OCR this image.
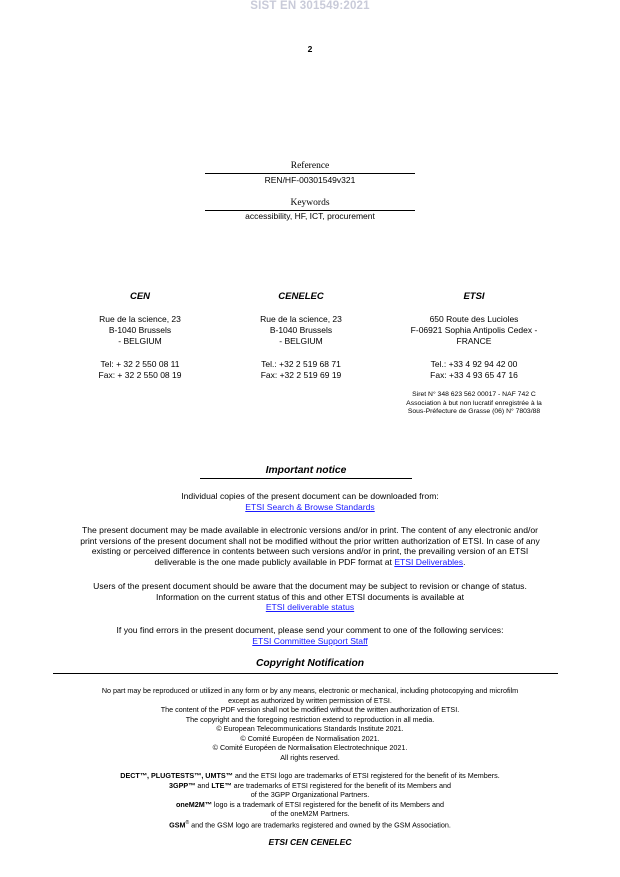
SIST EN 301549:2021
2
Reference
REN/HF-00301549v321
Keywords
accessibility, HF, ICT, procurement
CEN
Rue de la science, 23
B-1040 Brussels
- BELGIUM
Tel: + 32 2 550 08 11
Fax: + 32 2 550 08 19
CENELEC
Rue de la science, 23
B-1040 Brussels
- BELGIUM
Tel.: +32 2 519 68 71
Fax: +32 2 519 69 19
ETSI
650 Route des Lucioles
F-06921 Sophia Antipolis Cedex -
FRANCE
Tel.: +33 4 92 94 42 00
Fax: +33 4 93 65 47 16
Siret N° 348 623 562 00017 - NAF 742 C
Association à but non lucratif enregistrée à la
Sous-Préfecture de Grasse (06) N° 7803/88
Important notice
Individual copies of the present document can be downloaded from:
ETSI Search & Browse Standards
The present document may be made available in electronic versions and/or in print. The content of any electronic and/or
print versions of the present document shall not be modified without the prior written authorization of ETSI. In case of any
existing or perceived difference in contents between such versions and/or in print, the prevailing version of an ETSI
deliverable is the one made publicly available in PDF format at ETSI Deliverables.
Users of the present document should be aware that the document may be subject to revision or change of status.
Information on the current status of this and other ETSI documents is available at
ETSI deliverable status
If you find errors in the present document, please send your comment to one of the following services:
ETSI Committee Support Staff
Copyright Notification
No part may be reproduced or utilized in any form or by any means, electronic or mechanical, including photocopying and microfilm
except as authorized by written permission of ETSI.
The content of the PDF version shall not be modified without the written authorization of ETSI.
The copyright and the foregoing restriction extend to reproduction in all media.
© European Telecommunications Standards Institute 2021.
© Comité Européen de Normalisation 2021.
© Comité Européen de Normalisation Electrotechnique 2021.
All rights reserved.
DECT™, PLUGTESTS™, UMTS™ and the ETSI logo are trademarks of ETSI registered for the benefit of its Members.
3GPP™ and LTE™ are trademarks of ETSI registered for the benefit of its Members and
of the 3GPP Organizational Partners.
oneM2M™ logo is a trademark of ETSI registered for the benefit of its Members and
of the oneM2M Partners.
GSM® and the GSM logo are trademarks registered and owned by the GSM Association.
ETSI CEN CENELEC
